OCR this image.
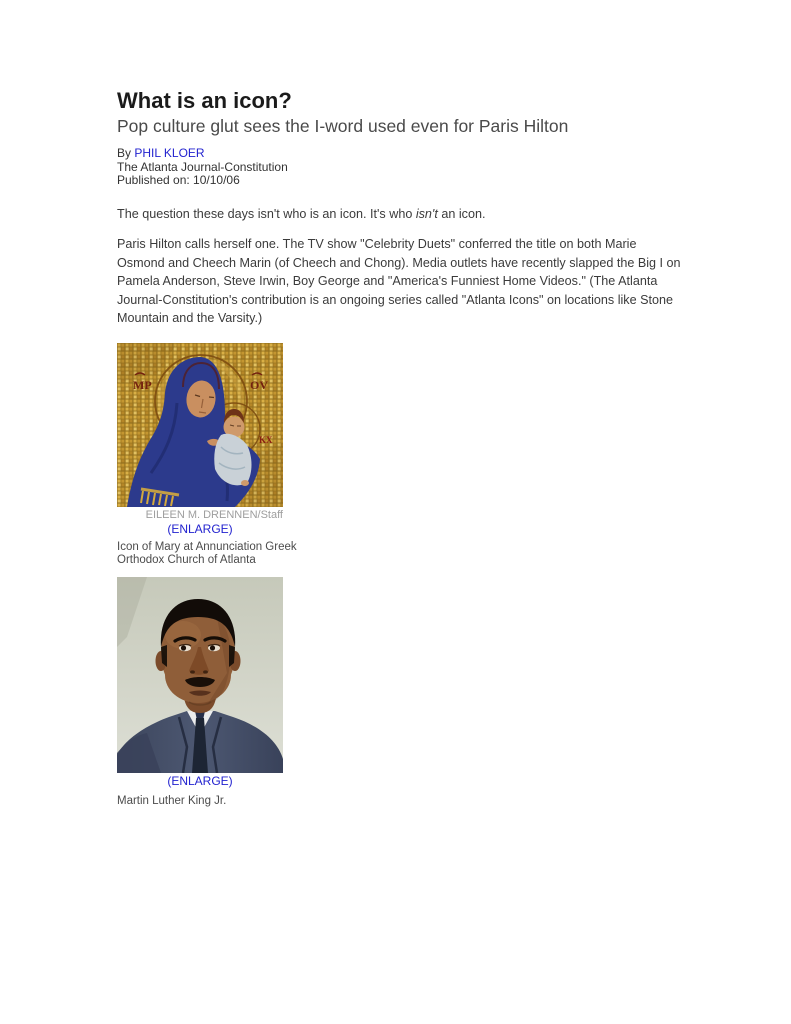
What is an icon?
Pop culture glut sees the I-word used even for Paris Hilton
By PHIL KLOER
The Atlanta Journal-Constitution
Published on: 10/10/06

The question these days isn't who is an icon. It's who isn't an icon.

Paris Hilton calls herself one. The TV show "Celebrity Duets" conferred the title on both Marie Osmond and Cheech Marin (of Cheech and Chong). Media outlets have recently slapped the Big I on Pamela Anderson, Steve Irwin, Boy George and "America's Funniest Home Videos." (The Atlanta Journal-Constitution's contribution is an ongoing series called "Atlanta Icons" on locations like Stone Mountain and the Varsity.)

MP	OV
ΚΧ
EILEEN M. DRENNEN/Staff
(ENLARGE)
Icon of Mary at Annunciation Greek
Orthodox Church of Atlanta
(ENLARGE)
Martin Luther King Jr.
